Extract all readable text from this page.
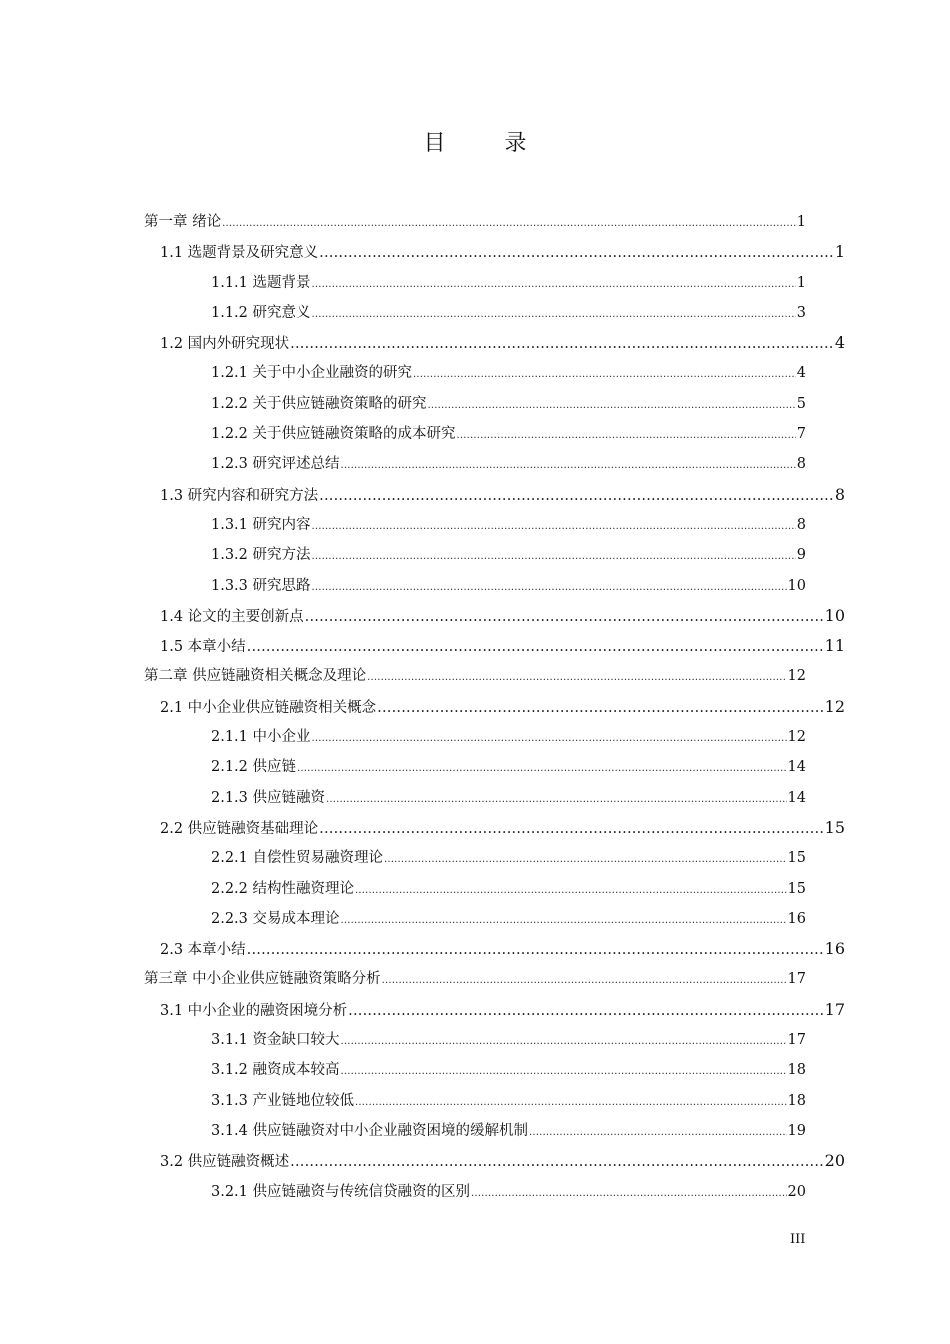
目 录
第一章 绪论 .....	1
1.1 选题背景及研究意义 .....	1
1.1.1 选题背景 .....	1
1.1.2 研究意义 .....	3
1.2 国内外研究现状 .....	4
1.2.1 关于中小企业融资的研究 .....	4
1.2.2 关于供应链融资策略的研究 .....	5
1.2.2 关于供应链融资策略的成本研究 .....	7
1.2.3 研究评述总结 .....	8
1.3 研究内容和研究方法 .....	8
1.3.1 研究内容 .....	8
1.3.2 研究方法 .....	9
1.3.3 研究思路 .....	10
1.4 论文的主要创新点 .....	10
1.5 本章小结 .....	11
第二章 供应链融资相关概念及理论 .....	12
2.1 中小企业供应链融资相关概念 .....	12
2.1.1 中小企业 .....	12
2.1.2 供应链 .....	14
2.1.3 供应链融资 .....	14
2.2 供应链融资基础理论 .....	15
2.2.1 自偿性贸易融资理论 .....	15
2.2.2 结构性融资理论 .....	15
2.2.3 交易成本理论 .....	16
2.3 本章小结 .....	16
第三章 中小企业供应链融资策略分析 .....	17
3.1 中小企业的融资困境分析 .....	17
3.1.1 资金缺口较大 .....	17
3.1.2 融资成本较高 .....	18
3.1.3 产业链地位较低 .....	18
3.1.4 供应链融资对中小企业融资困境的缓解机制 .....	19
3.2 供应链融资概述 .....	20
3.2.1 供应链融资与传统信贷融资的区别 .....	20
III
